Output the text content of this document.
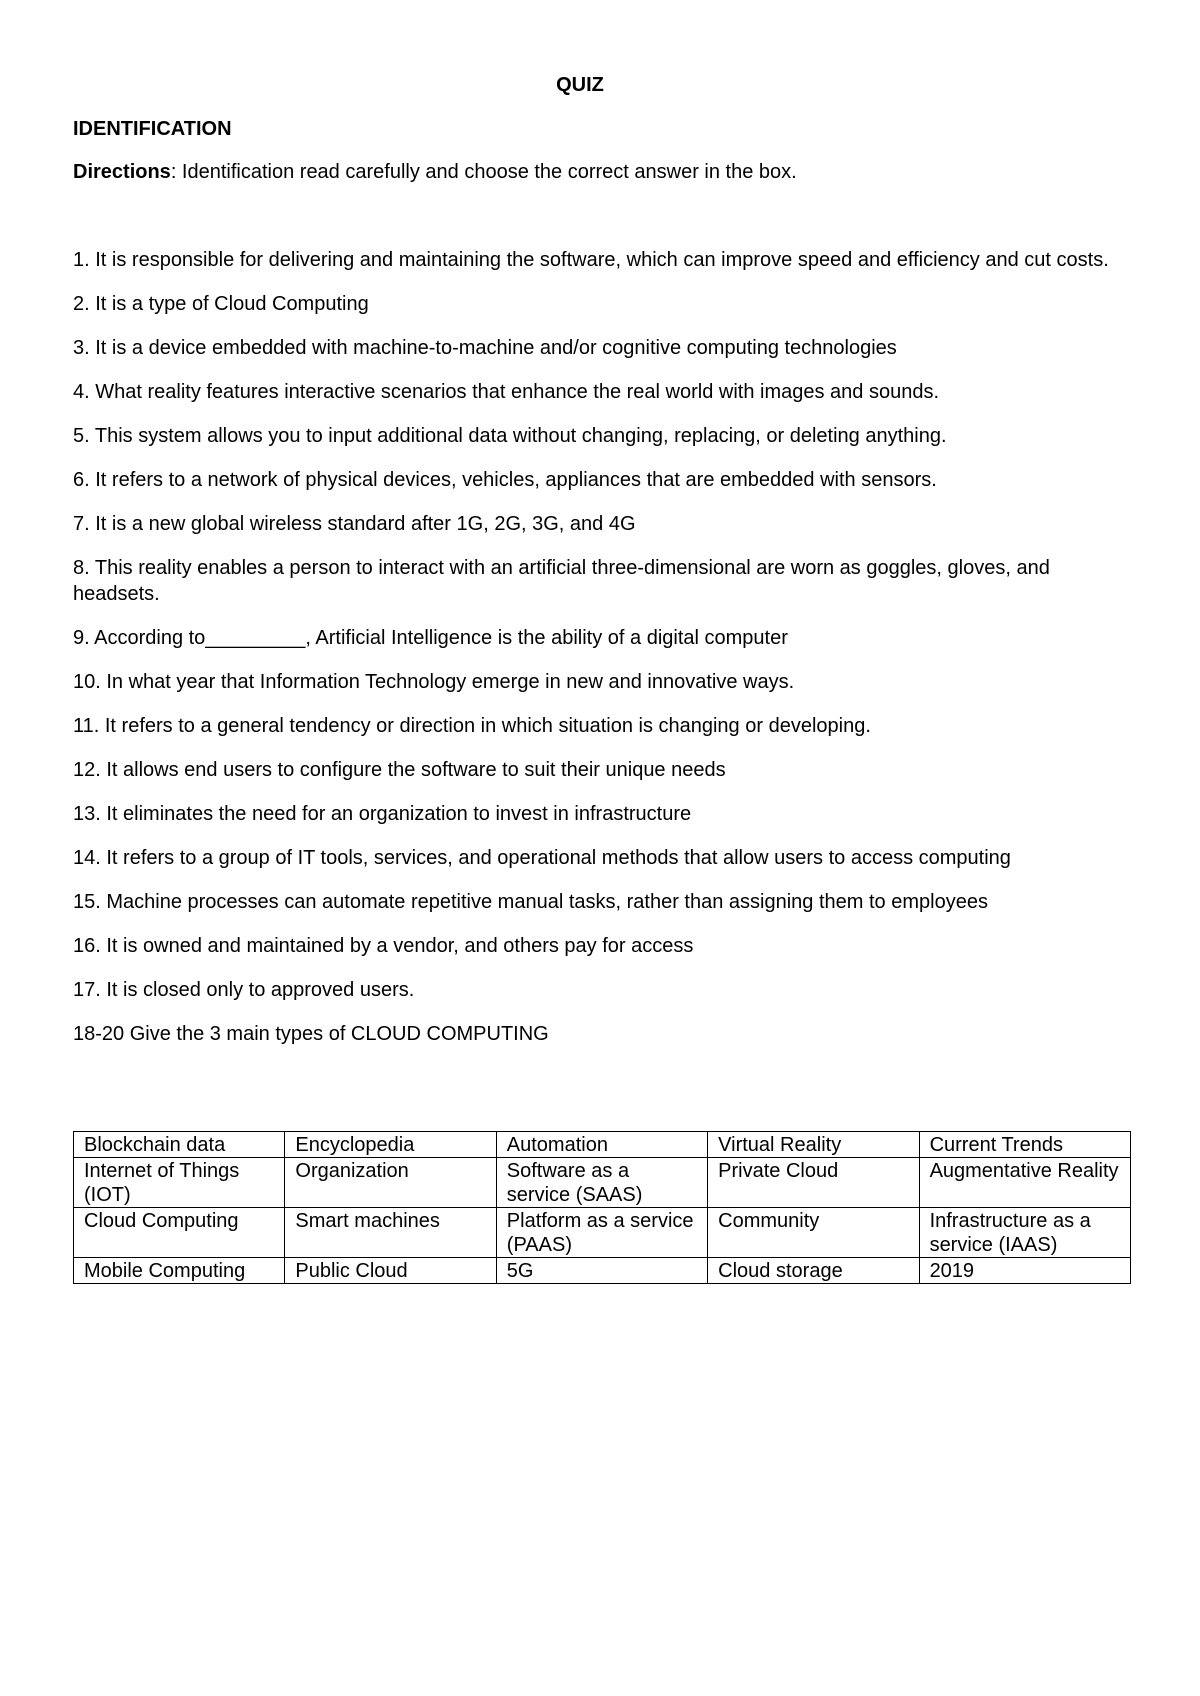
QUIZ
IDENTIFICATION
Directions: Identification read carefully and choose the correct answer in the box.
1. It is responsible for delivering and maintaining the software, which can improve speed and efficiency and cut costs.
2. It is a type of Cloud Computing
3. It is a device embedded with machine-to-machine and/or cognitive computing technologies
4. What reality features interactive scenarios that enhance the real world with images and sounds.
5. This system allows you to input additional data without changing, replacing, or deleting anything.
6. It refers to a network of physical devices, vehicles, appliances that are embedded with sensors.
7. It is a new global wireless standard after 1G, 2G, 3G, and 4G
8. This reality enables a person to interact with an artificial three-dimensional are worn as goggles, gloves, and headsets.
9. According to_________, Artificial Intelligence is the ability of a digital computer
10. In what year that Information Technology emerge in new and innovative ways.
11. It refers to a general tendency or direction in which situation is changing or developing.
12. It allows end users to configure the software to suit their unique needs
13. It eliminates the need for an organization to invest in infrastructure
14. It refers to a group of IT tools, services, and operational methods that allow users to access computing
15. Machine processes can automate repetitive manual tasks, rather than assigning them to employees
16. It is owned and maintained by a vendor, and others pay for access
17. It is closed only to approved users.
18-20 Give the 3 main types of CLOUD COMPUTING
Blockchain data	Encyclopedia	Automation	Virtual Reality	Current Trends
Internet of Things (IOT)	Organization	Software as a service (SAAS)	Private Cloud	Augmentative Reality
Cloud Computing	Smart machines	Platform as a service (PAAS)	Community	Infrastructure as a service (IAAS)
Mobile Computing	Public Cloud	5G	Cloud storage	2019
